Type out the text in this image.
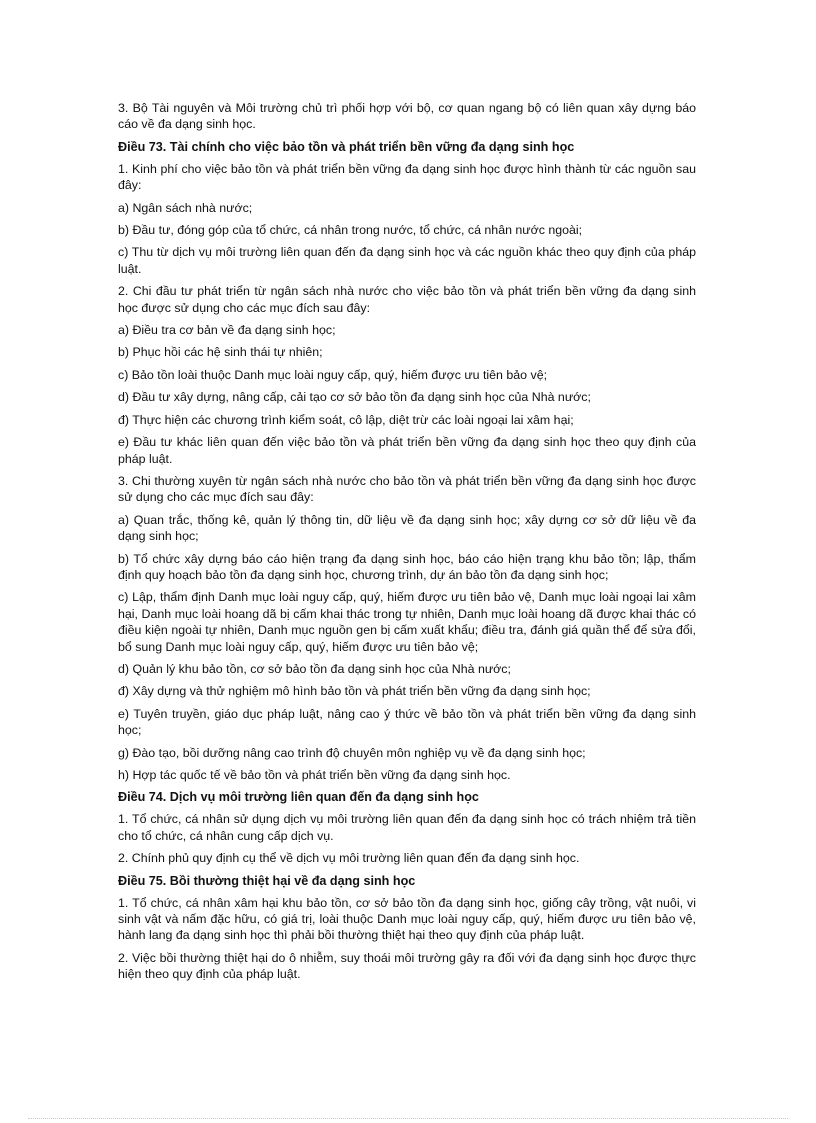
3. Bộ Tài nguyên và Môi trường chủ trì phối hợp với bộ, cơ quan ngang bộ có liên quan xây dựng báo cáo về đa dạng sinh học.

Điều 73. Tài chính cho việc bảo tồn và phát triển bền vững đa dạng sinh học

1. Kinh phí cho việc bảo tồn và phát triển bền vững đa dạng sinh học được hình thành từ các nguồn sau đây:

a) Ngân sách nhà nước;

b) Đầu tư, đóng góp của tổ chức, cá nhân trong nước, tổ chức, cá nhân nước ngoài;

c) Thu từ dịch vụ môi trường liên quan đến đa dạng sinh học và các nguồn khác theo quy định của pháp luật.

2. Chi đầu tư phát triển từ ngân sách nhà nước cho việc bảo tồn và phát triển bền vững đa dạng sinh học được sử dụng cho các mục đích sau đây:

a) Điều tra cơ bản về đa dạng sinh học;

b) Phục hồi các hệ sinh thái tự nhiên;

c) Bảo tồn loài thuộc Danh mục loài nguy cấp, quý, hiếm được ưu tiên bảo vệ;

d) Đầu tư xây dựng, nâng cấp, cải tạo cơ sở bảo tồn đa dạng sinh học của Nhà nước;

đ) Thực hiện các chương trình kiểm soát, cô lập, diệt trừ các loài ngoại lai xâm hại;

e) Đầu tư khác liên quan đến việc bảo tồn và phát triển bền vững đa dạng sinh học theo quy định của pháp luật.

3. Chi thường xuyên từ ngân sách nhà nước cho bảo tồn và phát triển bền vững đa dạng sinh học được sử dụng cho các mục đích sau đây:

a) Quan trắc, thống kê, quản lý thông tin, dữ liệu về đa dạng sinh học; xây dựng cơ sở dữ liệu về đa dạng sinh học;

b) Tổ chức xây dựng báo cáo hiện trạng đa dạng sinh học, báo cáo hiện trạng khu bảo tồn; lập, thẩm định quy hoạch bảo tồn đa dạng sinh học, chương trình, dự án bảo tồn đa dạng sinh học;

c) Lập, thẩm định Danh mục loài nguy cấp, quý, hiếm được ưu tiên bảo vệ, Danh mục loài ngoại lai xâm hại, Danh mục loài hoang dã bị cấm khai thác trong tự nhiên, Danh mục loài hoang dã được khai thác có điều kiện ngoài tự nhiên, Danh mục nguồn gen bị cấm xuất khẩu; điều tra, đánh giá quần thể để sửa đổi, bổ sung Danh mục loài nguy cấp, quý, hiếm được ưu tiên bảo vệ;

d) Quản lý khu bảo tồn, cơ sở bảo tồn đa dạng sinh học của Nhà nước;

đ) Xây dựng và thử nghiệm mô hình bảo tồn và phát triển bền vững đa dạng sinh học;

e) Tuyên truyền, giáo dục pháp luật, nâng cao ý thức về bảo tồn và phát triển bền vững đa dạng sinh học;

g) Đào tạo, bồi dưỡng nâng cao trình độ chuyên môn nghiệp vụ về đa dạng sinh học;

h) Hợp tác quốc tế về bảo tồn và phát triển bền vững đa dạng sinh học.

Điều 74. Dịch vụ môi trường liên quan đến đa dạng sinh học

1. Tổ chức, cá nhân sử dụng dịch vụ môi trường liên quan đến đa dạng sinh học có trách nhiệm trả tiền cho tổ chức, cá nhân cung cấp dịch vụ.

2. Chính phủ quy định cụ thể về dịch vụ môi trường liên quan đến đa dạng sinh học.

Điều 75. Bồi thường thiệt hại về đa dạng sinh học

1. Tổ chức, cá nhân xâm hại khu bảo tồn, cơ sở bảo tồn đa dạng sinh học, giống cây trồng, vật nuôi, vi sinh vật và nấm đặc hữu, có giá trị, loài thuộc Danh mục loài nguy cấp, quý, hiếm được ưu tiên bảo vệ, hành lang đa dạng sinh học thì phải bồi thường thiệt hại theo quy định của pháp luật.

2. Việc bồi thường thiệt hại do ô nhiễm, suy thoái môi trường gây ra đối với đa dạng sinh học được thực hiện theo quy định của pháp luật.
